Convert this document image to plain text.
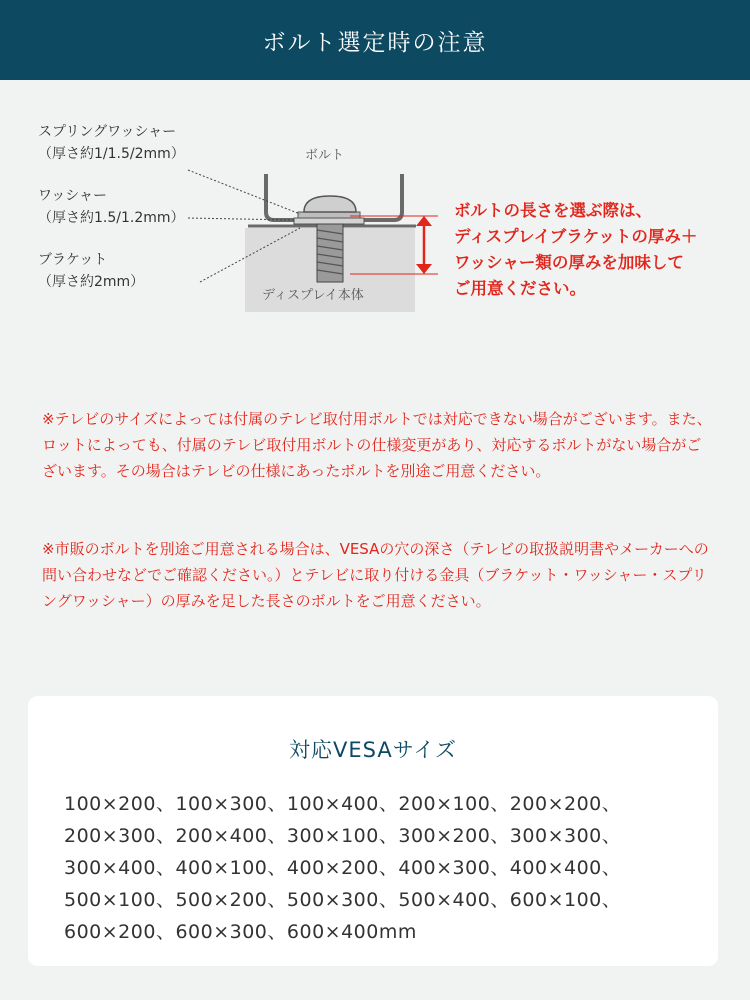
ボルト選定時の注意
スプリングワッシャー
（厚さ約1/1.5/2mm）
ワッシャー
（厚さ約1.5/1.2mm）
ブラケット
（厚さ約2mm）
ボルト
ディスプレイ本体
ボルトの長さを選ぶ際は、
ディスプレイブラケットの厚み＋
ワッシャー類の厚みを加味して
ご用意ください。

※テレビのサイズによっては付属のテレビ取付用ボルトでは対応できない場合がございます。また、ロットによっても、付属のテレビ取付用ボルトの仕様変更があり、対応するボルトがない場合がございます。その場合はテレビの仕様にあったボルトを別途ご用意ください。

※市販のボルトを別途ご用意される場合は、VESAの穴の深さ（テレビの取扱説明書やメーカーへの問い合わせなどでご確認ください。）とテレビに取り付ける金具（ブラケット・ワッシャー・スプリングワッシャー）の厚みを足した長さのボルトをご用意ください。

対応VESAサイズ
100×200、100×300、100×400、200×100、200×200、
200×300、200×400、300×100、300×200、300×300、
300×400、400×100、400×200、400×300、400×400、
500×100、500×200、500×300、500×400、600×100、
600×200、600×300、600×400mm
